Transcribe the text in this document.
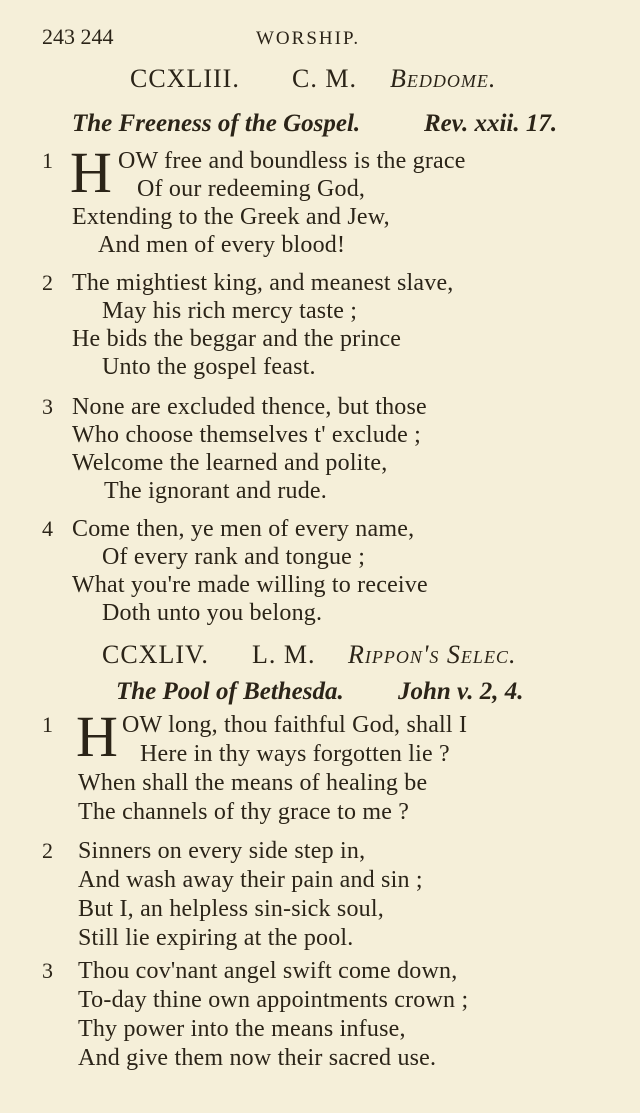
243 244	WORSHIP.
CCXLIII. C. M. Beddome.
The Freeness of the Gospel.	Rev. xxii. 17.
1 H OW free and boundless is the grace
Of our redeeming God,
Extending to the Greek and Jew,
And men of every blood!
2 The mightiest king, and meanest slave,
May his rich mercy taste ;
He bids the beggar and the prince
Unto the gospel feast.
3 None are excluded thence, but those
Who choose themselves t' exclude ;
Welcome the learned and polite,
The ignorant and rude.
4 Come then, ye men of every name,
Of every rank and tongue ;
What you're made willing to receive
Doth unto you belong.
CCXLIV. L. M. Rippon's Selec.
The Pool of Bethesda. John v. 2, 4.
1 H OW long, thou faithful God, shall I
Here in thy ways forgotten lie ?
When shall the means of healing be
The channels of thy grace to me ?
2 Sinners on every side step in,
And wash away their pain and sin ;
But I, an helpless sin-sick soul,
Still lie expiring at the pool.
3 Thou cov'nant angel swift come down,
To-day thine own appointments crown ;
Thy power into the means infuse,
And give them now their sacred use.
